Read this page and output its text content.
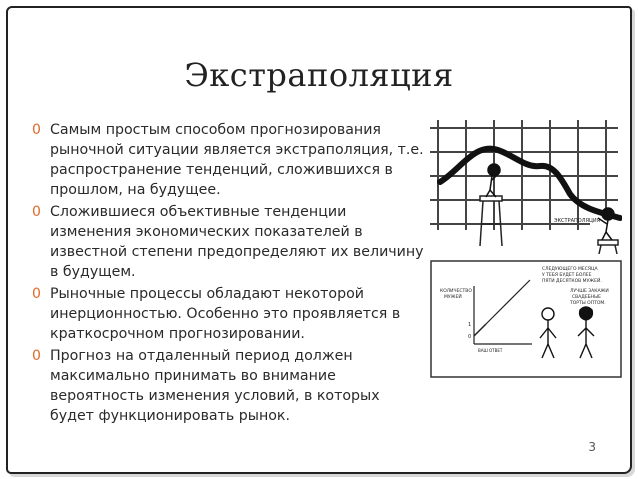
Экстраполяция
0 Самым простым способом прогнозирования рыночной ситуации является экстраполяция, т.е. распространение тенденций, сложившихся в прошлом, на будущее.
0 Сложившиеся объективные тенденции изменения экономических показателей в известной степени предопределяют их величину в будущем.
0 Рыночные процессы обладают некоторой инерционностью. Особенно это проявляется в краткосрочном прогнозировании.
0 Прогноз на отдаленный период должен максимально принимать во внимание вероятность изменения условий, в которых будет функционировать рынок.
ЭКСТРАПОЛЯЦИЯ
КОЛИЧЕСТВО
МУЖЕЙ
1
0
ВАШ ОТВЕТ
СЛЕДУЮЩЕГО МЕСЯЦА
У ТЕБЯ БУДЕТ БОЛЕЕ
ПЯТИ ДЕСЯТКОВ МУЖЕЙ.
ЛУЧШЕ ЗАКАЖИ
СВАДЕБНЫЕ
ТОРТЫ ОПТОМ.
3
